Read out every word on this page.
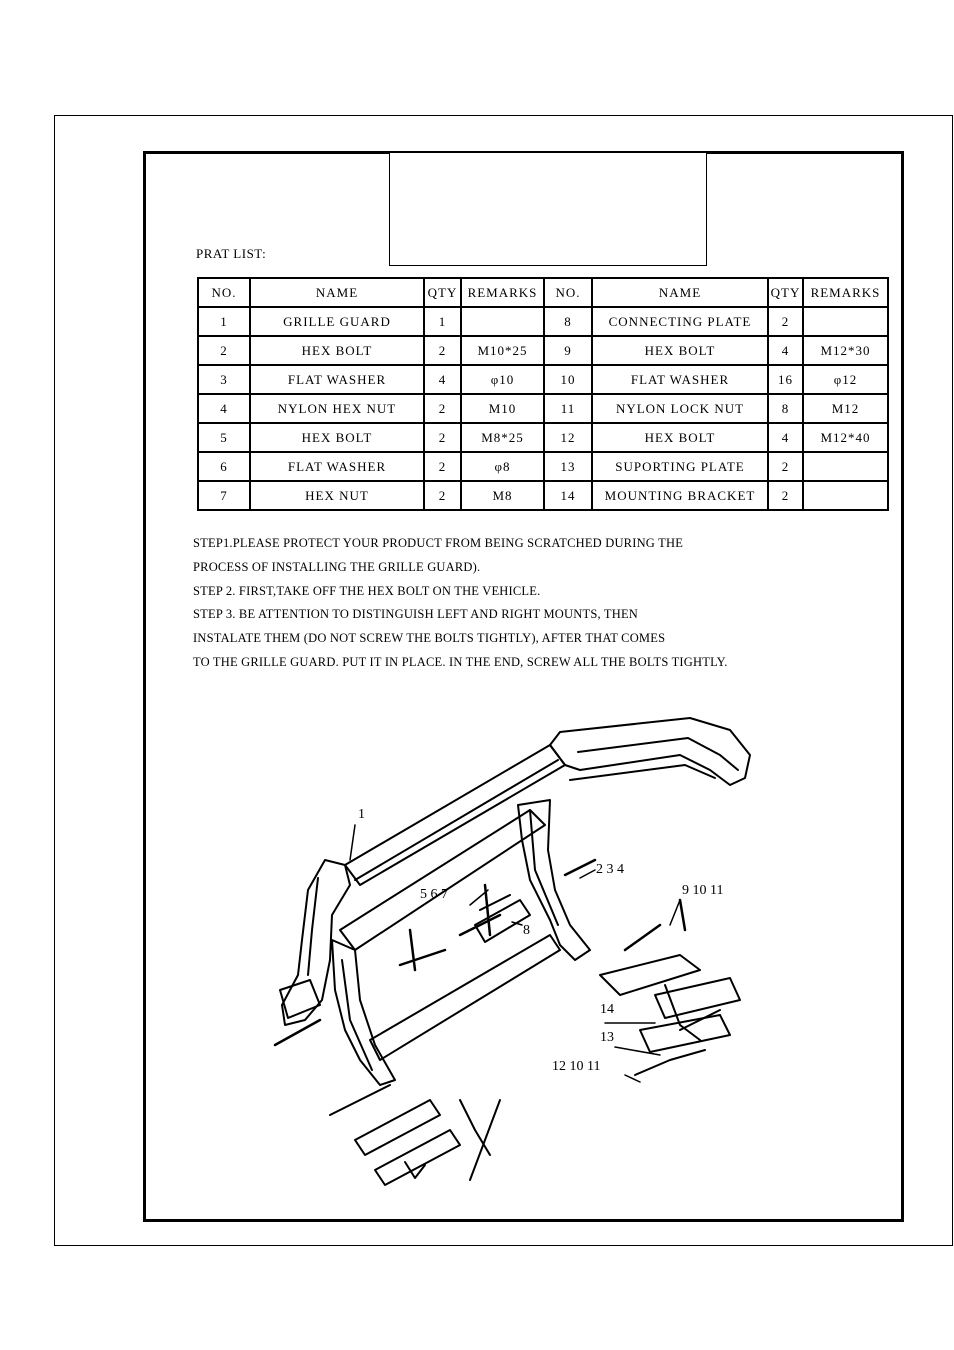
PRAT LIST:
NO.	NAME	QTY	REMARKS	NO.	NAME	QTY	REMARKS
1	GRILLE GUARD	1		8	CONNECTING PLATE	2	
2	HEX BOLT	2	M10*25	9	HEX BOLT	4	M12*30
3	FLAT WASHER	4	φ10	10	FLAT WASHER	16	φ12
4	NYLON HEX NUT	2	M10	11	NYLON LOCK NUT	8	M12
5	HEX BOLT	2	M8*25	12	HEX BOLT	4	M12*40
6	FLAT WASHER	2	φ8	13	SUPORTING PLATE	2	
7	HEX NUT	2	M8	14	MOUNTING BRACKET	2	
STEP1.PLEASE PROTECT YOUR PRODUCT FROM BEING SCRATCHED DURING THE
PROCESS OF INSTALLING THE GRILLE GUARD).
STEP 2. FIRST,TAKE OFF THE HEX BOLT ON THE VEHICLE.
STEP 3. BE ATTENTION TO DISTINGUISH LEFT AND RIGHT MOUNTS, THEN
INSTALATE THEM (DO NOT SCREW THE BOLTS TIGHTLY), AFTER THAT COMES
TO THE GRILLE GUARD. PUT IT IN PLACE. IN THE END, SCREW ALL THE BOLTS TIGHTLY.
1
2 3 4
5 6 7
8
9 10 11
14
13
12 10 11
